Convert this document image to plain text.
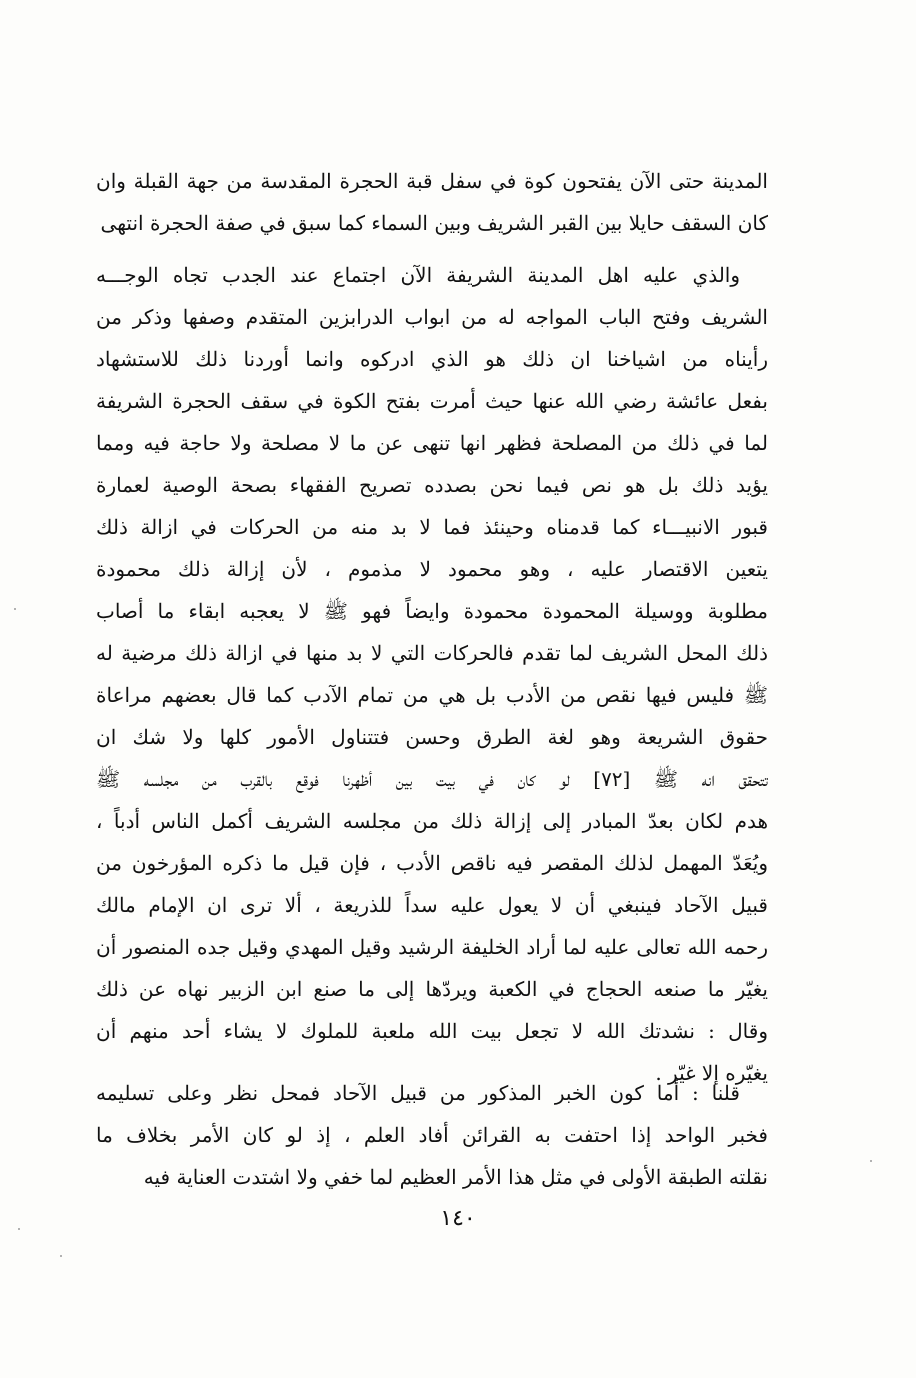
المدينة حتى الآن يفتحون كوة في سفل قبة الحجرة المقدسة من جهة القبلة وان
كان السقف حايلا بين القبر الشريف وبين السماء كما سبق في صفة الحجرة انتهى
والذي عليه اهل المدينة الشريفة الآن اجتماع عند الجدب تجاه الوجـــه
الشريف وفتح الباب المواجه له من ابواب الدرابزين المتقدم وصفها وذكر من
رأيناه من اشياخنا ان ذلك هو الذي ادركوه وانما أوردنا ذلك للاستشهاد
بفعل عائشة رضي الله عنها حيث أمرت بفتح الكوة في سقف الحجرة الشريفة
لما في ذلك من المصلحة فظهر انها تنهى عن ما لا مصلحة ولا حاجة فيه ومما
يؤيد ذلك بل هو نص فيما نحن بصدده تصريح الفقهاء بصحة الوصية لعمارة
قبور الانبيـــاء كما قدمناه وحينئذ فما لا بد منه من الحركات في ازالة ذلك
يتعين الاقتصار عليه ، وهو محمود لا مذموم ، لأن إزالة ذلك محمودة
مطلوبة ووسيلة المحمودة محمودة وايضاً فهو ﷺ لا يعجبه ابقاء ما أصاب
ذلك المحل الشريف لما تقدم فالحركات التي لا بد منها في ازالة ذلك مرضية له
ﷺ فليس فيها نقص من الأدب بل هي من تمام الآدب كما قال بعضهم مراعاة
حقوق الشريعة وهو لغة الطرق وحسن فتتناول الأمور كلها ولا شك ان
تتحقق انه ﷺ [٧٢] لو كان في بيت بين أظهرنا فوقع بالقرب من مجلسه ﷺ
هدم لكان بعدّ المبادر إلى إزالة ذلك من مجلسه الشريف أكمل الناس أدباً ،
ويُعَدّ المهمل لذلك المقصر فيه ناقص الأدب ، فإن قيل ما ذكره المؤرخون من
قبيل الآحاد فينبغي أن لا يعول عليه سداً للذريعة ، ألا ترى ان الإمام مالك
رحمه الله تعالى عليه لما أراد الخليفة الرشيد وقيل المهدي وقيل جده المنصور أن
يغيّر ما صنعه الحجاج في الكعبة ويردّها إلى ما صنع ابن الزبير نهاه عن ذلك
وقال : نشدتك الله لا تجعل بيت الله ملعبة للملوك لا يشاء أحد منهم أن
يغيّره إلا غيّر .
قلنا : أما كون الخبر المذكور من قبيل الآحاد فمحل نظر وعلى تسليمه
فخبر الواحد إذا احتفت به القرائن أفاد العلم ، إذ لو كان الأمر بخلاف ما
نقلته الطبقة الأولى في مثل هذا الأمر العظيم لما خفي ولا اشتدت العناية فيه
١٤٠
